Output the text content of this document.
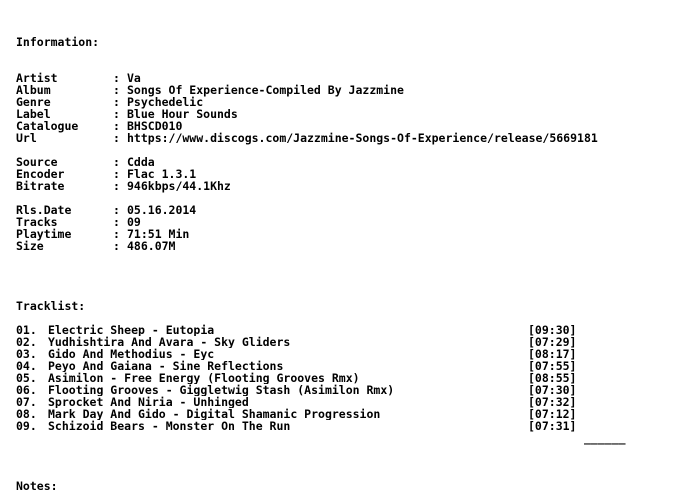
Information:
Artist	: Va
Album	: Songs Of Experience-Compiled By Jazzmine
Genre	: Psychedelic
Label	: Blue Hour Sounds
Catalogue	: BHSCD010
Url	: https://www.discogs.com/Jazzmine-Songs-Of-Experience/release/5669181
Source	: Cdda
Encoder	: Flac 1.3.1
Bitrate	: 946kbps/44.1Khz
Rls.Date	: 05.16.2014
Tracks	: 09
Playtime	: 71:51 Min
Size	: 486.07M
Tracklist:
01. Electric Sheep - Eutopia	[09:30]
02. Yudhishtira And Avara - Sky Gliders	[07:29]
03. Gido And Methodius - Eyc	[08:17]
04. Peyo And Gaiana - Sine Reflections	[07:55]
05. Asimilon - Free Energy (Flooting Grooves Rmx)	[08:55]
06. Flooting Grooves - Giggletwig Stash (Asimilon Rmx)	[07:30]
07. Sprocket And Niria - Unhinged	[07:32]
08. Mark Day And Gido - Digital Shamanic Progression	[07:12]
09. Schizoid Bears - Monster On The Run	[07:31]
______
Notes:
